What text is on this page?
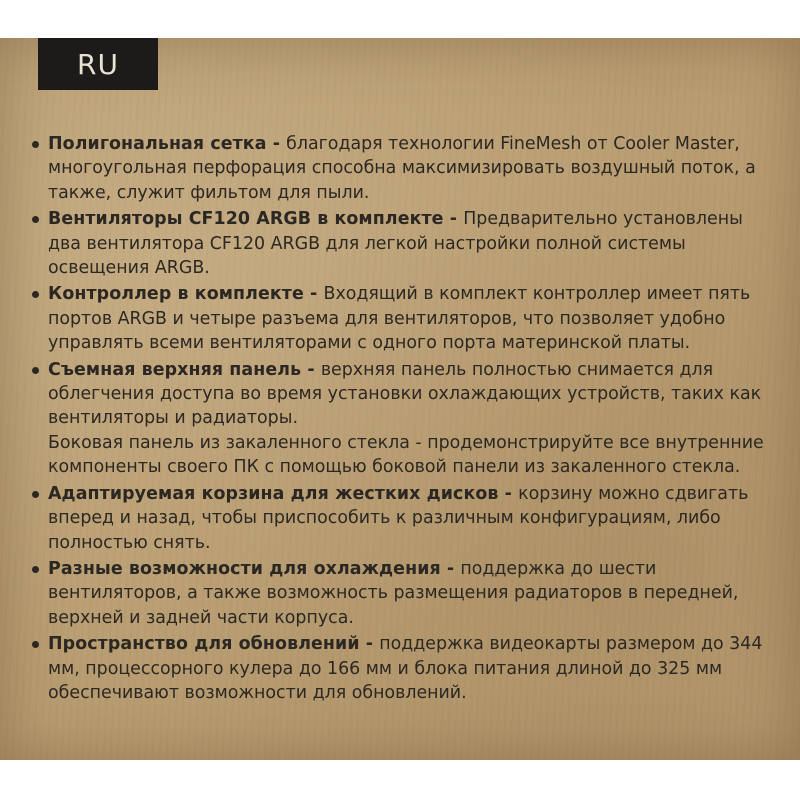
RU
Полигональная сетка - благодаря технологии FineMesh от Cooler Master, многоугольная перфорация способна максимизировать воздушный поток, а также, служит фильтом для пыли.
Вентиляторы CF120 ARGB в комплекте - Предварительно установлены два вентилятора CF120 ARGB для легкой настройки полной системы освещения ARGB.
Контроллер в комплекте - Входящий в комплект контроллер имеет пять портов ARGB и четыре разъема для вентиляторов, что позволяет удобно управлять всеми вентиляторами с одного порта материнской платы.
Съемная верхняя панель - верхняя панель полностью снимается для облегчения доступа во время установки охлаждающих устройств, таких как вентиляторы и радиаторы.
Боковая панель из закаленного стекла - продемонстрируйте все внутренние компоненты своего ПК с помощью боковой панели из закаленного стекла.
Адаптируемая корзина для жестких дисков - корзину можно сдвигать вперед и назад, чтобы приспособить к различным конфигурациям, либо полностью снять.
Разные возможности для охлаждения - поддержка до шести вентиляторов, а также возможность размещения радиаторов в передней, верхней и задней части корпуса.
Пространство для обновлений - поддержка видеокарты размером до 344 мм, процессорного кулера до 166 мм и блока питания длиной до 325 мм обеспечивают возможности для обновлений.
